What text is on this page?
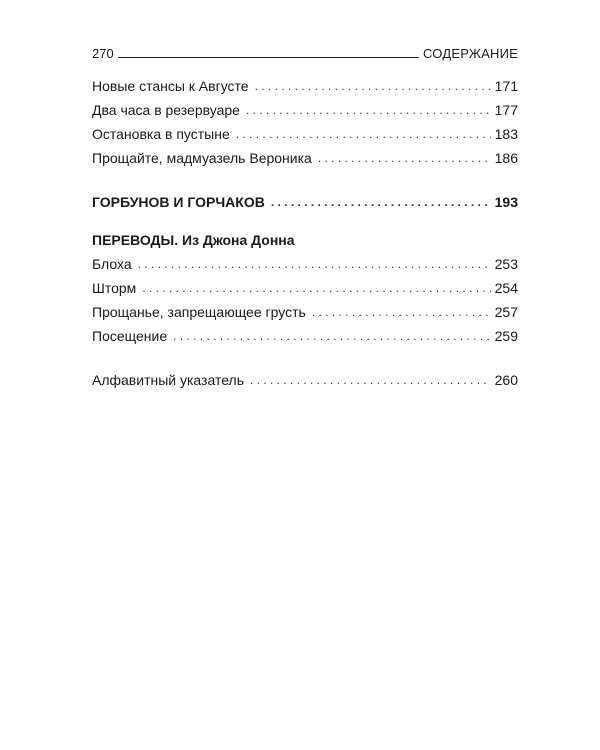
270	СОДЕРЖАНИЕ
Новые стансы к Августе . . .	171
Два часа в резервуаре . . .	177
Остановка в пустыне . . .	183
Прощайте, мадмуазель Вероника . . .	186
ГОРБУНОВ И ГОРЧАКОВ . . .	193
ПЕРЕВОДЫ. Из Джона Донна
Блоха . . .	253
Шторм . . .	254
Прощанье, запрещающее грусть . . .	257
Посещение . . .	259
Алфавитный указатель . . .	260
